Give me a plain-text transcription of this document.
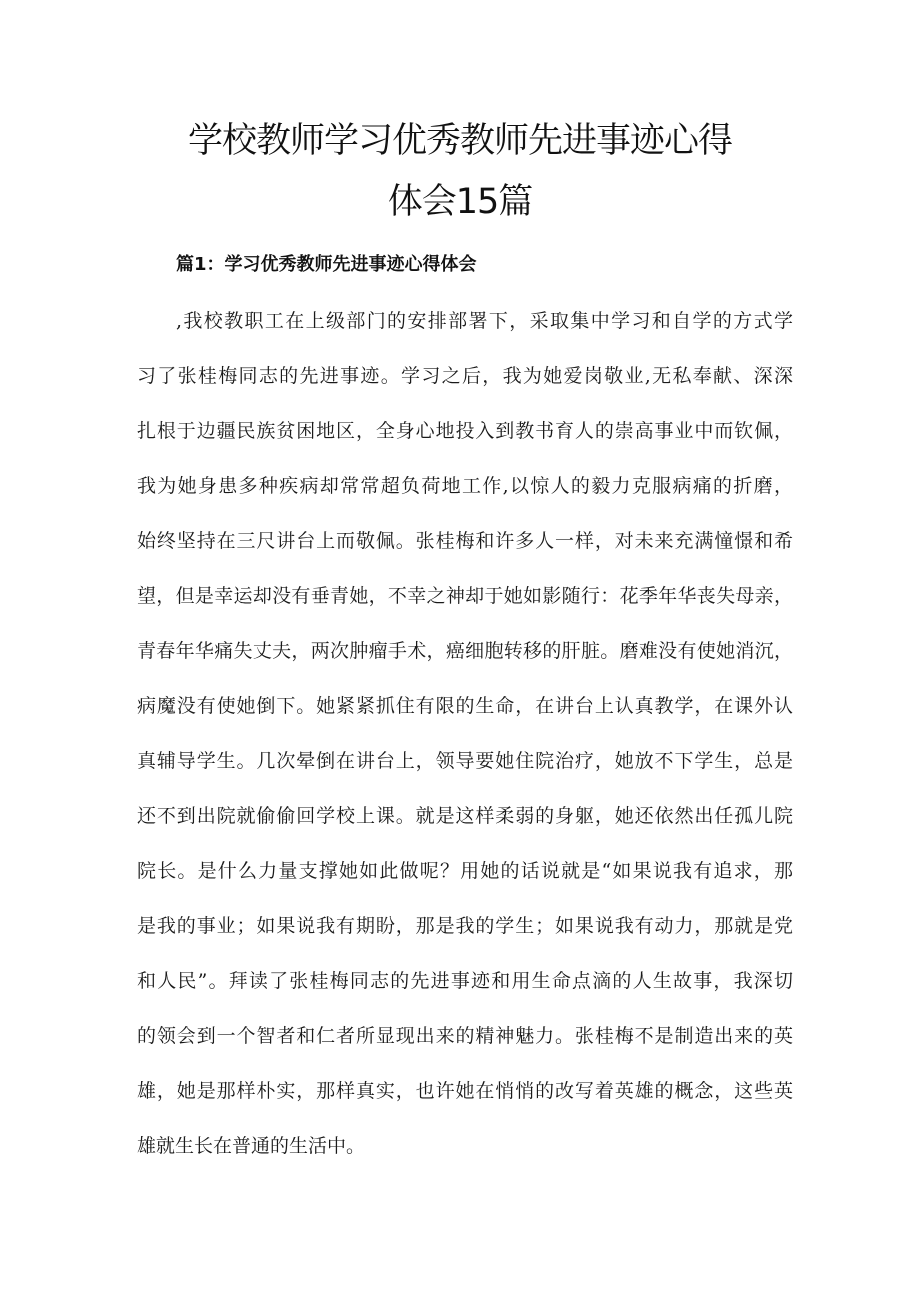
学校教师学习优秀教师先进事迹心得
体会15篇
篇1：学习优秀教师先进事迹心得体会
,我校教职工在上级部门的安排部署下，采取集中学习和自学的方式学
习了张桂梅同志的先进事迹。学习之后，我为她爱岗敬业,无私奉献、深深
扎根于边疆民族贫困地区，全身心地投入到教书育人的崇高事业中而钦佩，
我为她身患多种疾病却常常超负荷地工作,以惊人的毅力克服病痛的折磨，
始终坚持在三尺讲台上而敬佩。张桂梅和许多人一样，对未来充满憧憬和希
望，但是幸运却没有垂青她，不幸之神却于她如影随行：花季年华丧失母亲，
青春年华痛失丈夫，两次肿瘤手术，癌细胞转移的肝脏。磨难没有使她消沉，
病魔没有使她倒下。她紧紧抓住有限的生命，在讲台上认真教学，在课外认
真辅导学生。几次晕倒在讲台上，领导要她住院治疗，她放不下学生，总是
还不到出院就偷偷回学校上课。就是这样柔弱的身躯，她还依然出任孤儿院
院长。是什么力量支撑她如此做呢？用她的话说就是“如果说我有追求，那
是我的事业；如果说我有期盼，那是我的学生；如果说我有动力，那就是党
和人民”。拜读了张桂梅同志的先进事迹和用生命点滴的人生故事，我深切
的领会到一个智者和仁者所显现出来的精神魅力。张桂梅不是制造出来的英
雄，她是那样朴实，那样真实，也许她在悄悄的改写着英雄的概念，这些英
雄就生长在普通的生活中。
